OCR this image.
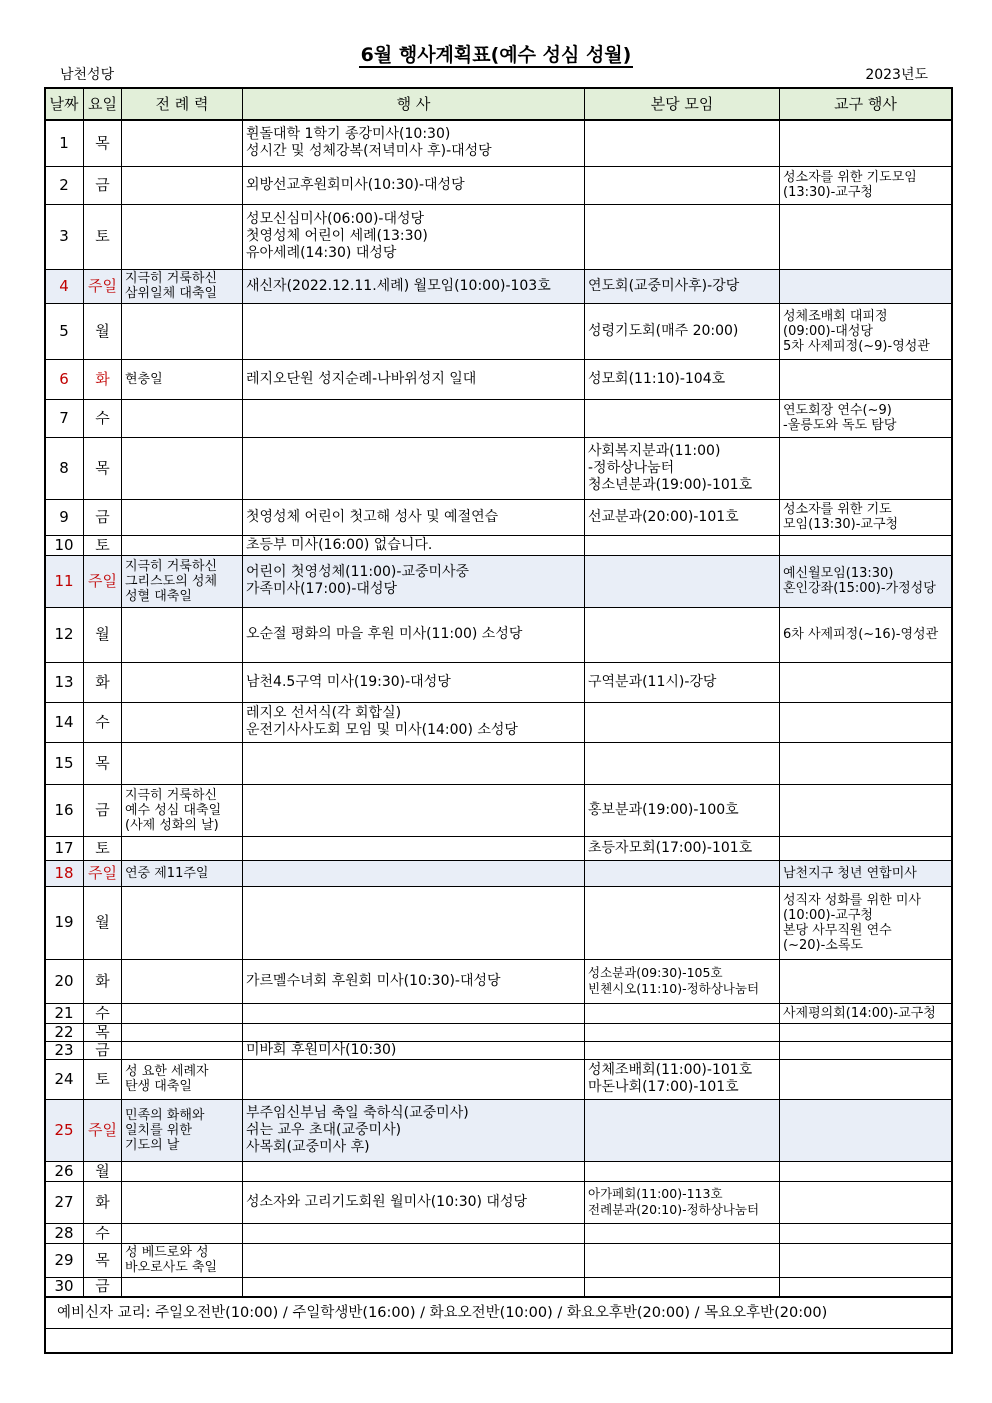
6월 행사계획표(예수 성심 성월)
남천성당	2023년도
날짜	요일	전 례 력	행 사	본당 모임	교구 행사
1	목		휜돌대학 1학기 종강미사(10:30)
성시간 및 성체강복(저녁미사 후)-대성당		

2	금		외방선교후원회미사(10:30)-대성당		성소자를 위한 기도모임
(13:30)-교구청

3	토		성모신심미사(06:00)-대성당
첫영성체 어린이 세례(13:30)
유아세례(14:30) 대성당		

4	주일	지극히 거룩하신
삼위일체 대축일	새신자(2022.12.11.세례) 월모임(10:00)-103호	연도회(교중미사후)-강당	

5	월			성령기도회(매주 20:00)	성체조배회 대피정
(09:00)-대성당
5차 사제피정(~9)-영성관

6	화	현충일	레지오단원 성지순례-나바위성지 일대	성모회(11:10)-104호	

7	수				연도회장 연수(~9)
-울릉도와 독도 탐당

8	목			사회복지분과(11:00)
-정하상나눔터
청소년분과(19:00)-101호	

9	금		첫영성체 어린이 첫고해 성사 및 예절연습	선교분과(20:00)-101호	성소자를 위한 기도
모임(13:30)-교구청

10	토		초등부 미사(16:00) 없습니다.		

11	주일	지극히 거룩하신
그리스도의 성체
성혈 대축일	어린이 첫영성체(11:00)-교중미사중
가족미사(17:00)-대성당		예신월모임(13:30)
혼인강좌(15:00)-가정성당

12	월		오순절 평화의 마을 후원 미사(11:00) 소성당		6차 사제피정(~16)-영성관

13	화		남천4.5구역 미사(19:30)-대성당	구역분과(11시)-강당	

14	수		레지오 선서식(각 회합실)
운전기사사도회 모임 및 미사(14:00) 소성당		

15	목				
16	금	지극히 거룩하신
예수 성심 대축일
(사제 성화의 날)		홍보분과(19:00)-100호	

17	토			초등자모회(17:00)-101호	

18	주일	연중 제11주일			남천지구 청년 연합미사

19	월				성직자 성화를 위한 미사
(10:00)-교구청
본당 사무직원 연수
(~20)-소록도

20	화		가르멜수녀회 후원회 미사(10:30)-대성당	성소분과(09:30)-105호
빈첸시오(11:10)-정하상나눔터	

21	수				사제평의회(14:00)-교구청

22	목				
23	금		미바회 후원미사(10:30)		

24	토	성 요한 세례자
탄생 대축일		성체조배회(11:00)-101호
마돈나회(17:00)-101호	

25	주일	민족의 화해와
일치를 위한
기도의 날	부주임신부님 축일 축하식(교중미사)
쉬는 교우 초대(교중미사)
사목회(교중미사 후)		

26	월				
27	화		성소자와 고리기도회원 월미사(10:30) 대성당	아가페회(11:00)-113호
전례분과(20:10)-정하상나눔터	

28	수				
29	목	성 베드로와 성
바오로사도 축일			

30	금				
예비신자 교리: 주일오전반(10:00) / 주일학생반(16:00) / 화요오전반(10:00) / 화요오후반(20:00) / 목요오후반(20:00)					
